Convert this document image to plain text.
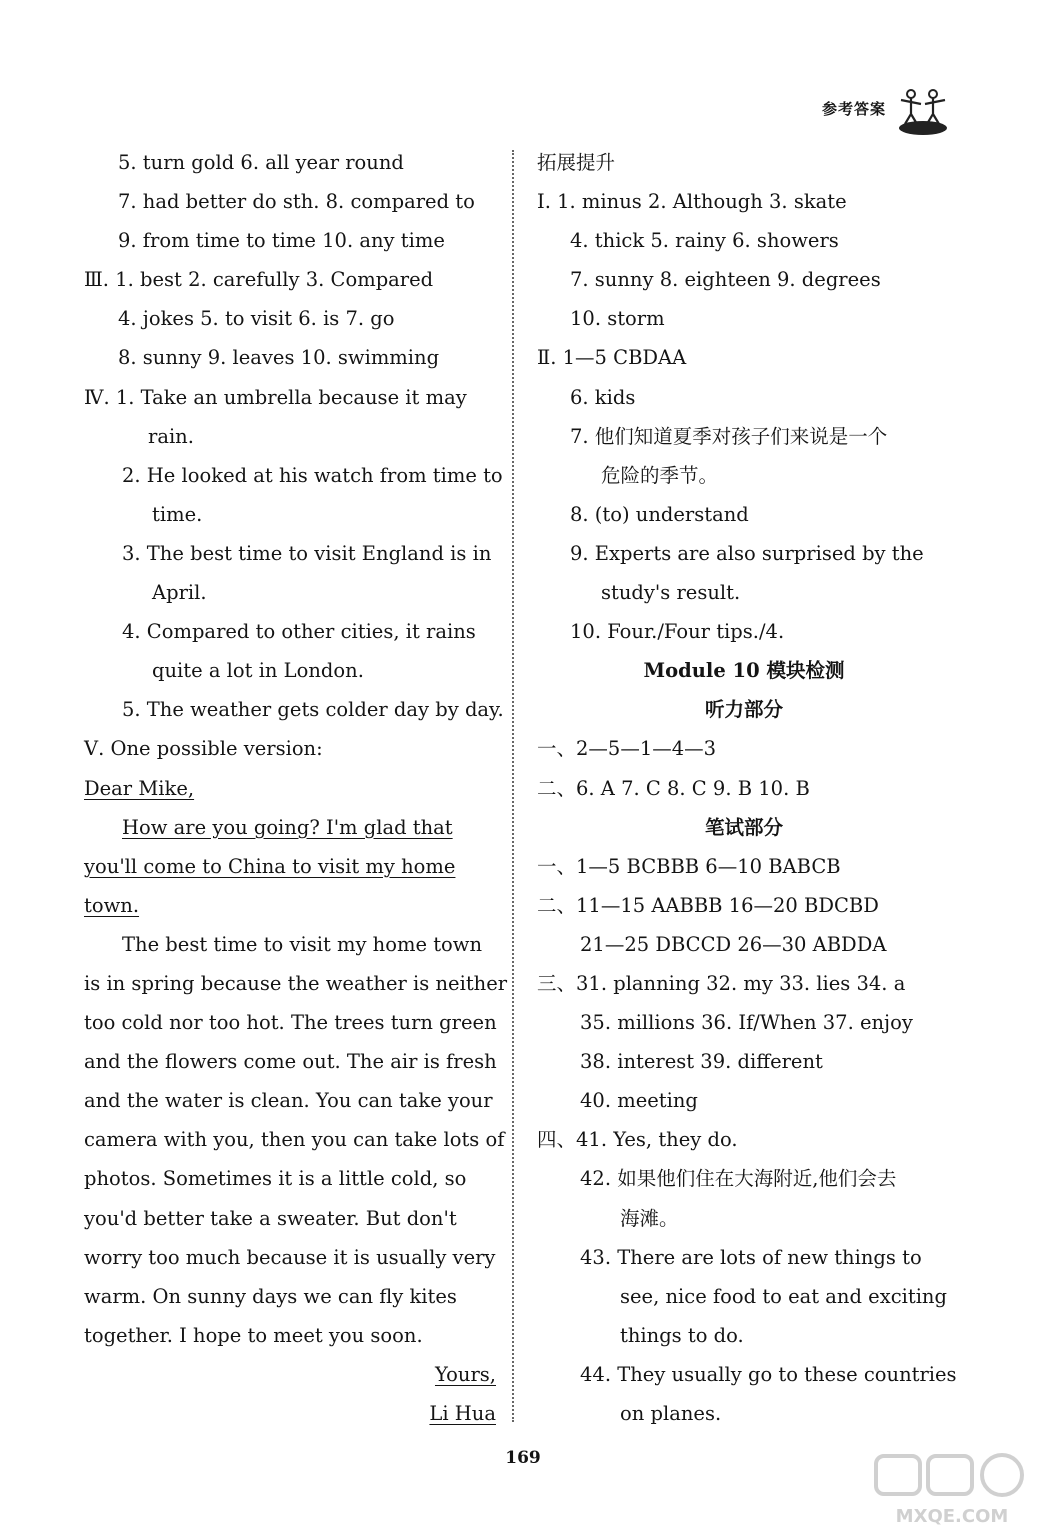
参考答案
5. turn gold 6. all year round
7. had better do sth. 8. compared to
9. from time to time 10. any time
Ⅲ. 1. best 2. carefully 3. Compared
4. jokes 5. to visit 6. is 7. go
8. sunny 9. leaves 10. swimming
Ⅳ. 1. Take an umbrella because it may
rain.
2. He looked at his watch from time to
time.
3. The best time to visit England is in
April.
4. Compared to other cities, it rains
quite a lot in London.
5. The weather gets colder day by day.
Ⅴ. One possible version:
Dear Mike,
How are you going? I'm glad that
you'll come to China to visit my home
town.
The best time to visit my home town
is in spring because the weather is neither
too cold nor too hot. The trees turn green
and the flowers come out. The air is fresh
and the water is clean. You can take your
camera with you, then you can take lots of
photos. Sometimes it is a little cold, so
you'd better take a sweater. But don't
worry too much because it is usually very
warm. On sunny days we can fly kites
together. I hope to meet you soon.
Yours,
Li Hua
拓展提升
Ⅰ. 1. minus 2. Although 3. skate
4. thick 5. rainy 6. showers
7. sunny 8. eighteen 9. degrees
10. storm
Ⅱ. 1—5 CBDAA
6. kids
7. 他们知道夏季对孩子们来说是一个
危险的季节。
8. (to) understand
9. Experts are also surprised by the
study's result.
10. Four./Four tips./4.
Module 10 模块检测
听力部分
一、2—5—1—4—3
二、6. A 7. C 8. C 9. B 10. B
笔试部分
一、1—5 BCBBB 6—10 BABCB
二、11—15 AABBB 16—20 BDCBD
21—25 DBCCD 26—30 ABDDA
三、31. planning 32. my 33. lies 34. a
35. millions 36. If/When 37. enjoy
38. interest 39. different
40. meeting
四、41. Yes, they do.
42. 如果他们住在大海附近,他们会去
海滩。
43. There are lots of new things to
see, nice food to eat and exciting
things to do.
44. They usually go to these countries
on planes.
169
MXQE.COM
